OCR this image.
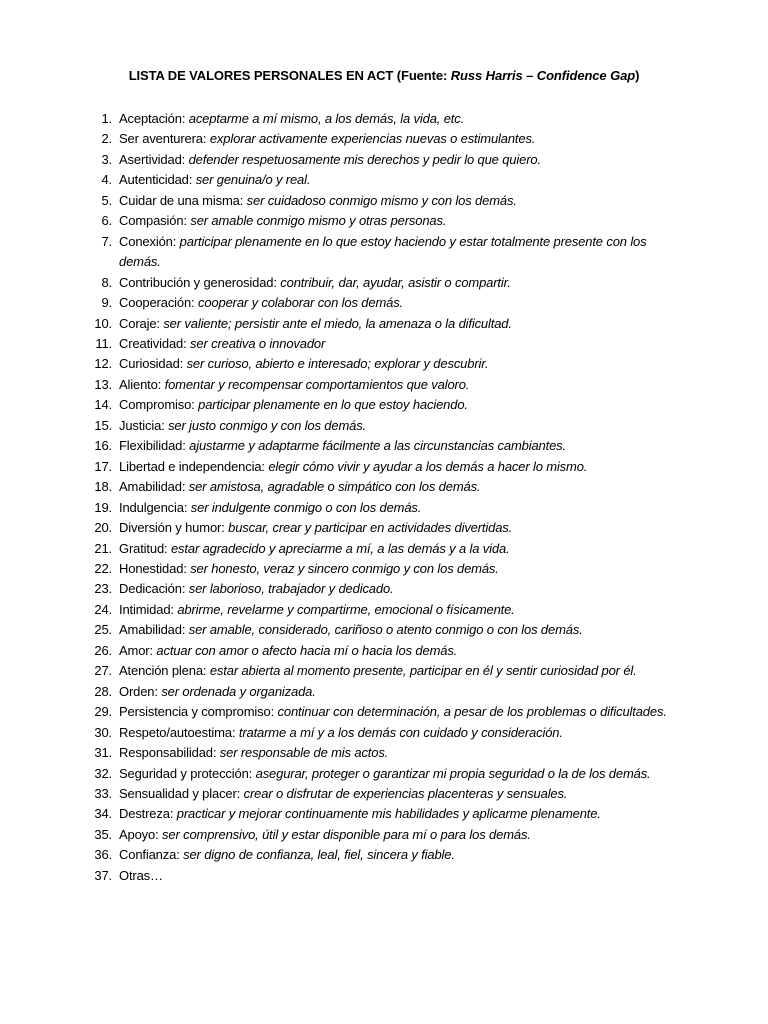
LISTA DE VALORES PERSONALES EN ACT (Fuente: Russ Harris – Confidence Gap)
1. Aceptación: aceptarme a mí mismo, a los demás, la vida, etc.
2. Ser aventurera: explorar activamente experiencias nuevas o estimulantes.
3. Asertividad: defender respetuosamente mis derechos y pedir lo que quiero.
4. Autenticidad: ser genuina/o y real.
5. Cuidar de una misma: ser cuidadoso conmigo mismo y con los demás.
6. Compasión: ser amable conmigo mismo y otras personas.
7. Conexión: participar plenamente en lo que estoy haciendo y estar totalmente presente con los demás.
8. Contribución y generosidad: contribuir, dar, ayudar, asistir o compartir.
9. Cooperación: cooperar y colaborar con los demás.
10. Coraje: ser valiente; persistir ante el miedo, la amenaza o la dificultad.
11. Creatividad: ser creativa o innovador
12. Curiosidad: ser curioso, abierto e interesado; explorar y descubrir.
13. Aliento: fomentar y recompensar comportamientos que valoro.
14. Compromiso: participar plenamente en lo que estoy haciendo.
15. Justicia: ser justo conmigo y con los demás.
16. Flexibilidad: ajustarme y adaptarme fácilmente a las circunstancias cambiantes.
17. Libertad e independencia: elegir cómo vivir y ayudar a los demás a hacer lo mismo.
18. Amabilidad: ser amistosa, agradable o simpático con los demás.
19. Indulgencia: ser indulgente conmigo o con los demás.
20. Diversión y humor: buscar, crear y participar en actividades divertidas.
21. Gratitud: estar agradecido y apreciarme a mí, a las demás y a la vida.
22. Honestidad: ser honesto, veraz y sincero conmigo y con los demás.
23. Dedicación: ser laborioso, trabajador y dedicado.
24. Intimidad: abrirme, revelarme y compartirme, emocional o físicamente.
25. Amabilidad: ser amable, considerado, cariñoso o atento conmigo o con los demás.
26. Amor: actuar con amor o afecto hacia mí o hacia los demás.
27. Atención plena: estar abierta al momento presente, participar en él y sentir curiosidad por él.
28. Orden: ser ordenada y organizada.
29. Persistencia y compromiso: continuar con determinación, a pesar de los problemas o dificultades.
30. Respeto/autoestima: tratarme a mí y a los demás con cuidado y consideración.
31. Responsabilidad: ser responsable de mis actos.
32. Seguridad y protección: asegurar, proteger o garantizar mi propia seguridad o la de los demás.
33. Sensualidad y placer: crear o disfrutar de experiencias placenteras y sensuales.
34. Destreza: practicar y mejorar continuamente mis habilidades y aplicarme plenamente.
35. Apoyo: ser comprensivo, útil y estar disponible para mí o para los demás.
36. Confianza: ser digno de confianza, leal, fiel, sincera y fiable.
37. Otras…
